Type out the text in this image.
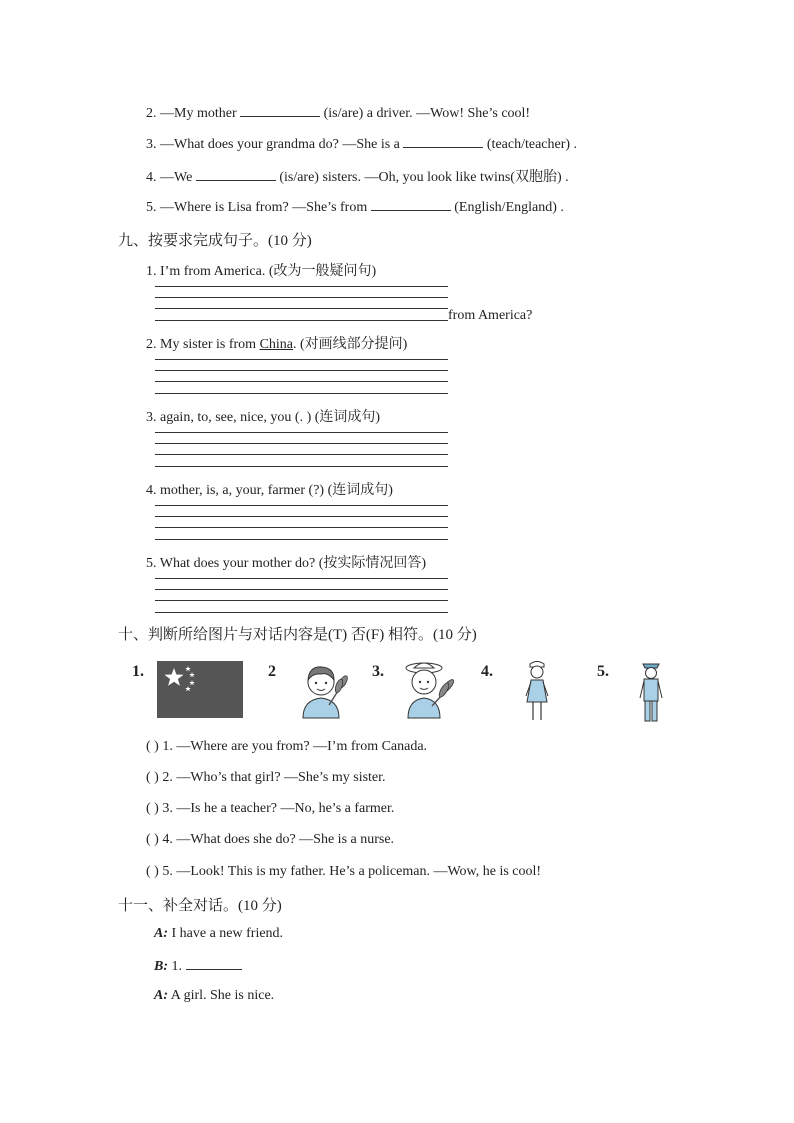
2. —My mother	(is/are) a driver. —Wow! She’s cool!
3. —What does your grandma do? —She is a	(teach/teacher) .
4. —We	(is/are) sisters. —Oh, you look like twins(双胞胎) .
5. —Where is Lisa from? —She’s from	(English/England) .
九、按要求完成句子。(10 分)
1. I’m from America. (改为一般疑问句)
from America?
2. My sister is from China. (对画线部分提问)
3. again, to, see, nice, you (. ) (连词成句)
4. mother, is, a, your, farmer (?) (连词成句)
5. What does your mother do? (按实际情况回答)
十、判断所给图片与对话内容是(T) 否(F) 相符。(10 分)
1.	2	3.	4.	5.
( ) 1. —Where are you from? —I’m from Canada.
( ) 2. —Who’s that girl? —She’s my sister.
( ) 3. —Is he a teacher? —No, he’s a farmer.
( ) 4. —What does she do? —She is a nurse.
( ) 5. —Look! This is my father. He’s a policeman. —Wow, he is cool!
十一、补全对话。(10 分)
A: I have a new friend.
B: 1.
A: A girl. She is nice.
